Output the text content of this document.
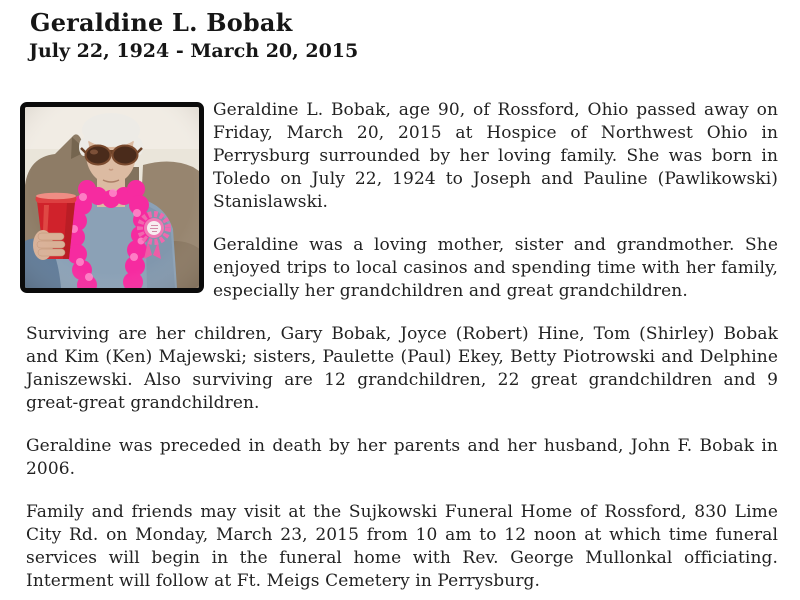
Geraldine L. Bobak
July 22, 1924 - March 20, 2015

Geraldine L. Bobak, age 90, of Rossford, Ohio passed away on Friday, March 20, 2015 at Hospice of Northwest Ohio in Perrysburg surrounded by her loving family. She was born in Toledo on July 22, 1924 to Joseph and Pauline (Pawlikowski) Stanislawski.

Geraldine was a loving mother, sister and grandmother. She enjoyed trips to local casinos and spending time with her family, especially her grandchildren and great grandchildren.

Surviving are her children, Gary Bobak, Joyce (Robert) Hine, Tom (Shirley) Bobak and Kim (Ken) Majewski; sisters, Paulette (Paul) Ekey, Betty Piotrowski and Delphine Janiszewski. Also surviving are 12 grandchildren, 22 great grandchildren and 9 great-great grandchildren.

Geraldine was preceded in death by her parents and her husband, John F. Bobak in 2006.

Family and friends may visit at the Sujkowski Funeral Home of Rossford, 830 Lime City Rd. on Monday, March 23, 2015 from 10 am to 12 noon at which time funeral services will begin in the funeral home with Rev. George Mullonkal officiating. Interment will follow at Ft. Meigs Cemetery in Perrysburg.
